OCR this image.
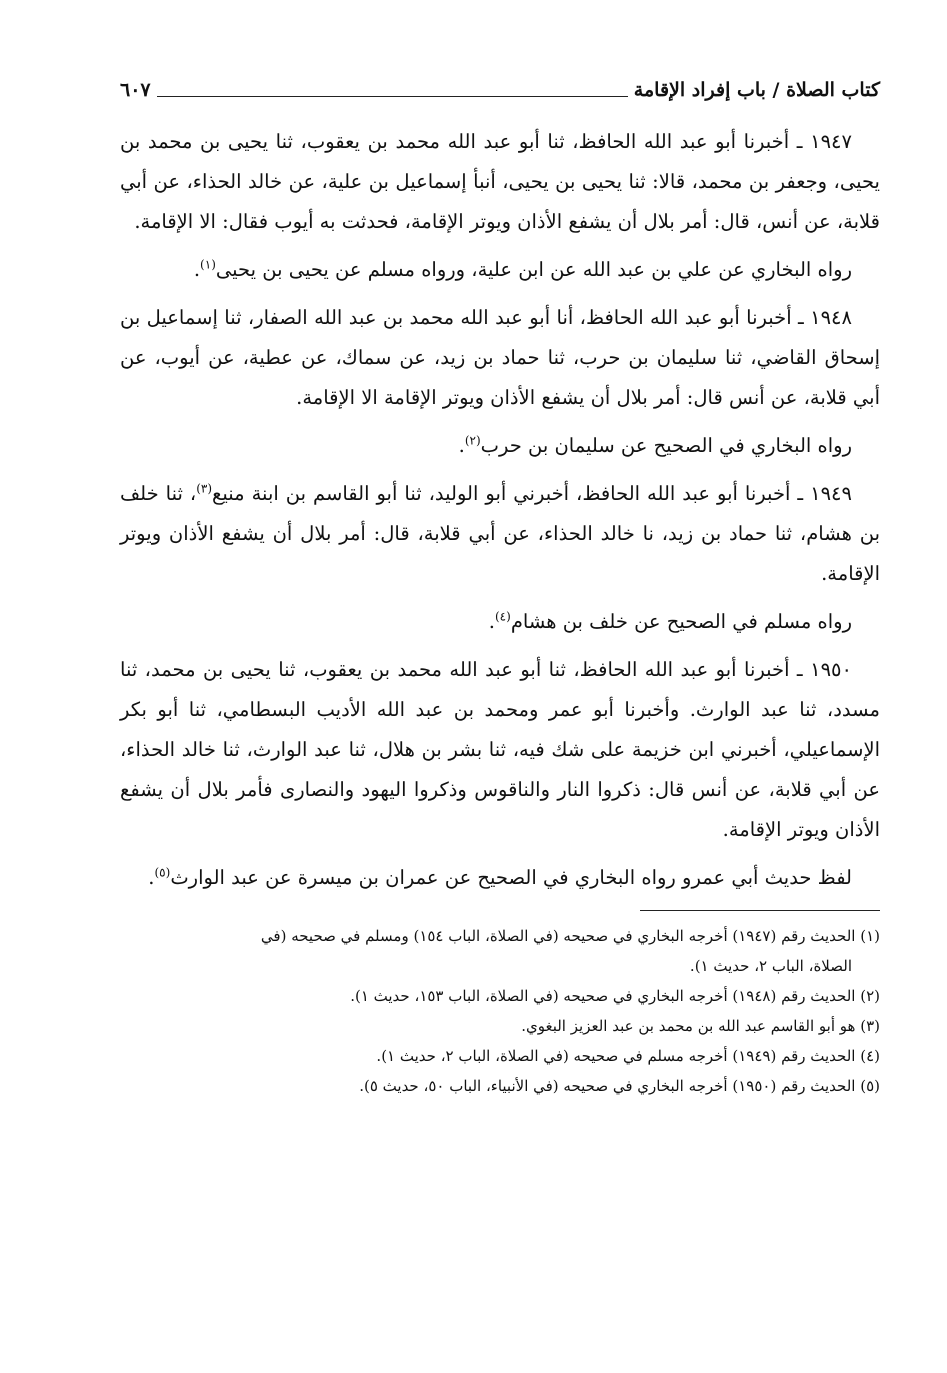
كتاب الصلاة / باب إفراد الإقامة
٦٠٧

١٩٤٧ ـ أخبرنا أبو عبد الله الحافظ، ثنا أبو عبد الله محمد بن يعقوب، ثنا يحيى بن محمد بن يحيى، وجعفر بن محمد، قالا: ثنا يحيى بن يحيى، أنبأ إسماعيل بن علية، عن خالد الحذاء، عن أبي قلابة، عن أنس، قال: أمر بلال أن يشفع الأذان ويوتر الإقامة، فحدثت به أيوب فقال: الا الإقامة.

رواه البخاري عن علي بن عبد الله عن ابن علية، ورواه مسلم عن يحيى بن يحيى$^{(١)}$.

١٩٤٨ ـ أخبرنا أبو عبد الله الحافظ، أنا أبو عبد الله محمد بن عبد الله الصفار، ثنا إسماعيل بن إسحاق القاضي، ثنا سليمان بن حرب، ثنا حماد بن زيد، عن سماك، عن عطية، عن أيوب، عن أبي قلابة، عن أنس قال: أمر بلال أن يشفع الأذان ويوتر الإقامة الا الإقامة.

رواه البخاري في الصحيح عن سليمان بن حرب$^{(٢)}$.

١٩٤٩ ـ أخبرنا أبو عبد الله الحافظ، أخبرني أبو الوليد، ثنا أبو القاسم بن ابنة منيع$^{(٣)}$، ثنا خلف بن هشام، ثنا حماد بن زيد، نا خالد الحذاء، عن أبي قلابة، قال: أمر بلال أن يشفع الأذان ويوتر الإقامة.

رواه مسلم في الصحيح عن خلف بن هشام$^{(٤)}$.

١٩٥٠ ـ أخبرنا أبو عبد الله الحافظ، ثنا أبو عبد الله محمد بن يعقوب، ثنا يحيى بن محمد، ثنا مسدد، ثنا عبد الوارث. وأخبرنا أبو عمر ومحمد بن عبد الله الأديب البسطامي، ثنا أبو بكر الإسماعيلي، أخبرني ابن خزيمة على شك فيه، ثنا بشر بن هلال، ثنا عبد الوارث، ثنا خالد الحذاء، عن أبي قلابة، عن أنس قال: ذكروا النار والناقوس وذكروا اليهود والنصارى فأمر بلال أن يشفع الأذان ويوتر الإقامة.

لفظ حديث أبي عمرو رواه البخاري في الصحيح عن عمران بن ميسرة عن عبد الوارث$^{(٥)}$.

(١) الحديث رقم (١٩٤٧) أخرجه البخاري في صحيحه (في الصلاة، الباب ١٥٤) ومسلم في صحيحه (في
الصلاة، الباب ٢، حديث ١).

(٢) الحديث رقم (١٩٤٨) أخرجه البخاري في صحيحه (في الصلاة، الباب ١٥٣، حديث ١).

(٣) هو أبو القاسم عبد الله بن محمد بن عبد العزيز البغوي.

(٤) الحديث رقم (١٩٤٩) أخرجه مسلم في صحيحه (في الصلاة، الباب ٢، حديث ١).

(٥) الحديث رقم (١٩٥٠) أخرجه البخاري في صحيحه (في الأنبياء، الباب ٥٠، حديث ٥).
